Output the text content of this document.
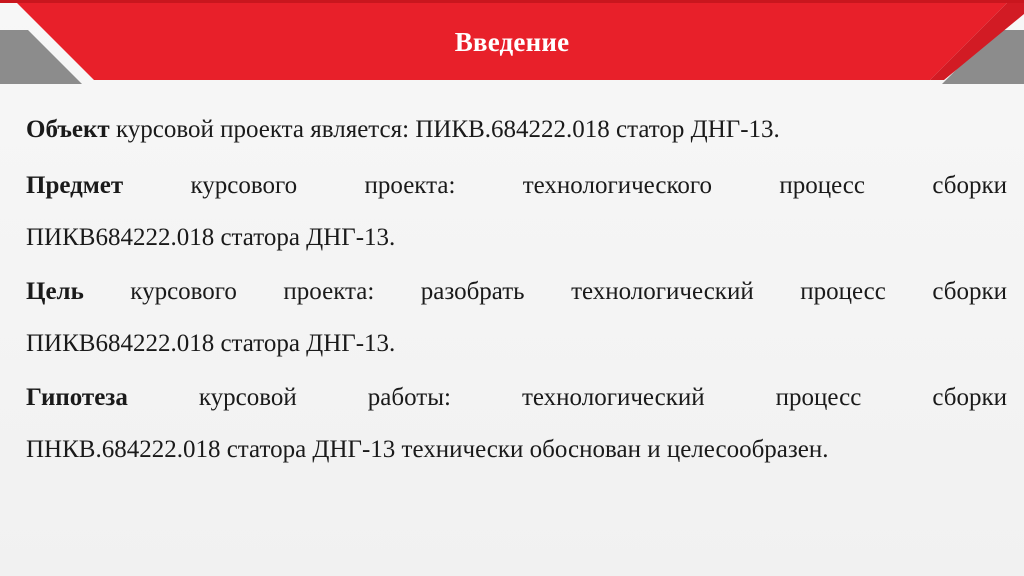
Введение

Объект курсовой проекта является: ПИКВ.684222.018 статор ДНГ-13.

Предмет курсового проекта: технологического процесс сборки
ПИКВ684222.018 статора ДНГ-13.

Цель курсового проекта: разобрать технологический процесс сборки
ПИКВ684222.018 статора ДНГ-13.

Гипотеза курсовой работы: технологический процесс сборки
ПНКВ.684222.018 статора ДНГ-13 технически обоснован и целесообразен.
